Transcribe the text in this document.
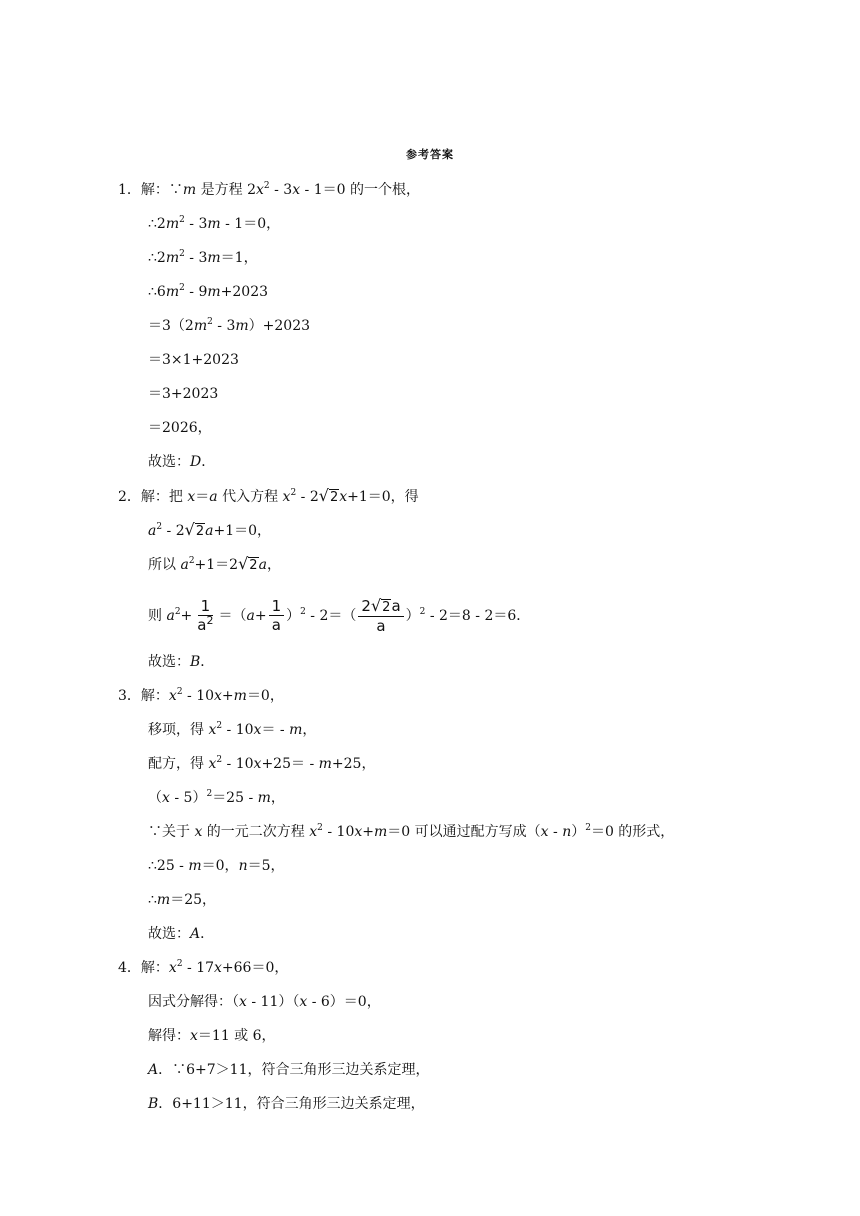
参考答案
1．解：∵m 是方程 $2x^2 - 3x - 1=0$ 的一个根，
$\therefore 2m^2 - 3m - 1=0$，
$\therefore 2m^2 - 3m=1$，
$\therefore 6m^2 - 9m+2023$
$=3(2m^2 - 3m)+2023$
＝3×1+2023
＝3+2023
＝2026，
故选：D．
2．解：把 x＝a 代入方程 $x^2 - 2√2x+1=0$，得
$a^2 - 2√2a+1=0$，
所以 $a^2+1=2√2a$，
则 $a^2+ \frac{1}{a^2} =(a+ \frac{1}{a} )^2 - 2=( \frac{2√2a}{a} )^2 - 2=8 - 2=6$．
故选：B．
3．解：$x^2 - 10x+m=0$，
移项，得 $x^2 - 10x= - m$，
配方，得 $x^2 - 10x+25= - m+25$，
（x - 5）$^2$＝25 - m，
∵关于 x 的一元二次方程 $x^2 - 10x+m=0$ 可以通过配方写成（x - n）$^2$＝0 的形式，
∴25 - m＝0，n＝5，
∴m＝25，
故选：A．
4．解：$x^2 - 17x+66=0$，
因式分解得：（x - 11）（x - 6）＝0，
解得：x＝11 或 6，
A．∵6+7＞11，符合三角形三边关系定理，
B．6+11＞11，符合三角形三边关系定理，
